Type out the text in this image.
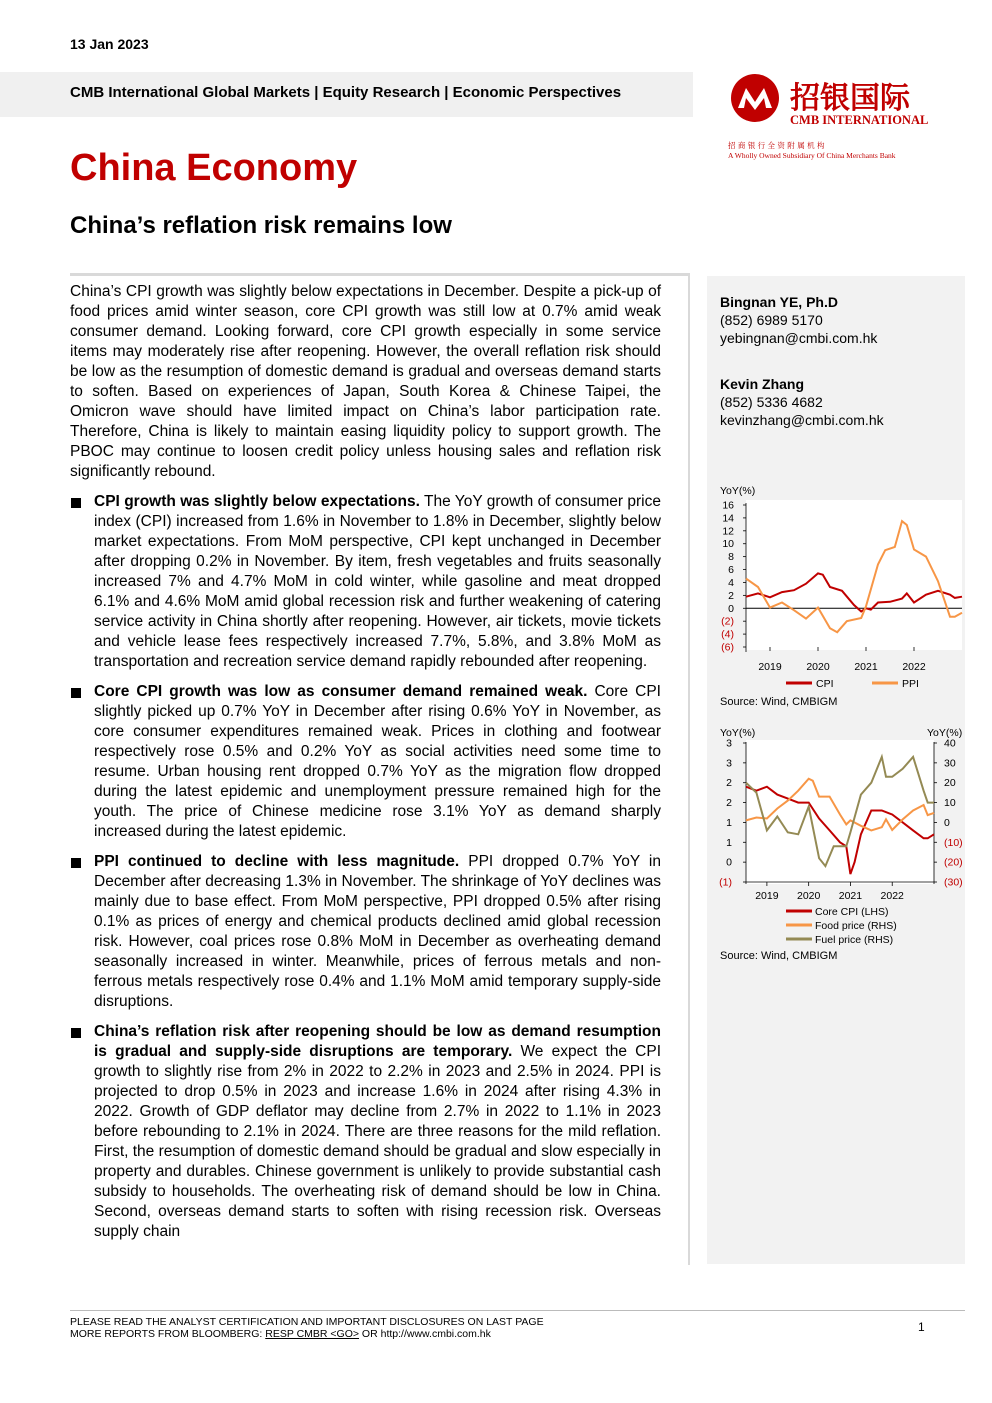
13 Jan 2023
CMB International Global Markets | Equity Research | Economic Perspectives	招银国际
CMB INTERNATIONAL
招 商 银 行 全 资 附 属 机 构
A Wholly Owned Subsidiary Of China Merchants Bank
China Economy
China’s reflation risk remains low

China’s CPI growth was slightly below expectations in December. Despite a pick-up of food prices amid winter season, core CPI growth was still low at 0.7% amid weak consumer demand. Looking forward, core CPI growth especially in some service items may moderately rise after reopening. However, the overall reflation risk should be low as the resumption of domestic demand is gradual and overseas demand starts to soften. Based on experiences of Japan, South Korea & Chinese Taipei, the Omicron wave should have limited impact on China’s labor participation rate. Therefore, China is likely to maintain easing liquidity policy to support growth. The PBOC may continue to loosen credit policy unless housing sales and reflation risk significantly rebound.

CPI growth was slightly below expectations. The YoY growth of consumer price index (CPI) increased from 1.6% in November to 1.8% in December, slightly below market expectations. From MoM perspective, CPI kept unchanged in December after dropping 0.2% in November. By item, fresh vegetables and fruits seasonally increased 7% and 4.7% MoM in cold winter, while gasoline and meat dropped 6.1% and 4.6% MoM amid global recession risk and further weakening of catering service activity in China shortly after reopening. However, air tickets, movie tickets and vehicle lease fees respectively increased 7.7%, 5.8%, and 3.8% MoM as transportation and recreation service demand rapidly rebounded after reopening.
Core CPI growth was low as consumer demand remained weak. Core CPI slightly picked up 0.7% YoY in December after rising 0.6% YoY in November, as core consumer expenditures remained weak. Prices in clothing and footwear respectively rose 0.5% and 0.2% YoY as social activities need some time to resume. Urban housing rent dropped 0.7% YoY as the migration flow dropped during the latest epidemic and unemployment pressure remained high for the youth. The price of Chinese medicine rose 3.1% YoY as demand sharply increased during the latest epidemic.
PPI continued to decline with less magnitude. PPI dropped 0.7% YoY in December after decreasing 1.3% in November. The shrinkage of YoY declines was mainly due to base effect. From MoM perspective, PPI dropped 0.5% after rising 0.1% as prices of energy and chemical products declined amid global recession risk. However, coal prices rose 0.8% MoM in December as overheating demand seasonally increased in winter. Meanwhile, prices of ferrous metals and non-ferrous metals respectively rose 0.4% and 1.1% MoM amid temporary supply-side disruptions.
China’s reflation risk after reopening should be low as demand resumption is gradual and supply-side disruptions are temporary. We expect the CPI growth to slightly rise from 2% in 2022 to 2.2% in 2023 and 2.5% in 2024. PPI is projected to drop 0.5% in 2023 and increase 1.6% in 2024 after rising 4.3% in 2022. Growth of GDP deflator may decline from 2.7% in 2022 to 1.1% in 2023 before rebounding to 2.1% in 2024. There are three reasons for the mild reflation. First, the resumption of domestic demand should be gradual and slow especially in property and durables. Chinese government is unlikely to provide substantial cash subsidy to households. The overheating risk of demand should be low in China. Second, overseas demand starts to soften with rising recession risk. Overseas supply chain
Bingnan YE, Ph.D
(852) 6989 5170
yebingnan@cmbi.com.hk
Kevin Zhang
(852) 5336 4682
kevinzhang@cmbi.com.hk
YoY(%)
16
14
12
10
8
6
4
2
0
(2)
(4)
(6)
2019 2020 2021 2022
CPI	PPI
Source: Wind, CMBIGM
YoY(%)	YoY(%)
3	40
3	30
2	20
2	10
1	0
1	(10)
0	(20)
(1)	(30)
2019 2020 2021 2022
Core CPI (LHS)
Food price (RHS)
Fuel price (RHS)
Source: Wind, CMBIGM
PLEASE READ THE ANALYST CERTIFICATION AND IMPORTANT DISCLOSURES ON LAST PAGE
MORE REPORTS FROM BLOOMBERG: RESP CMBR <GO> OR http://www.cmbi.com.hk	1
